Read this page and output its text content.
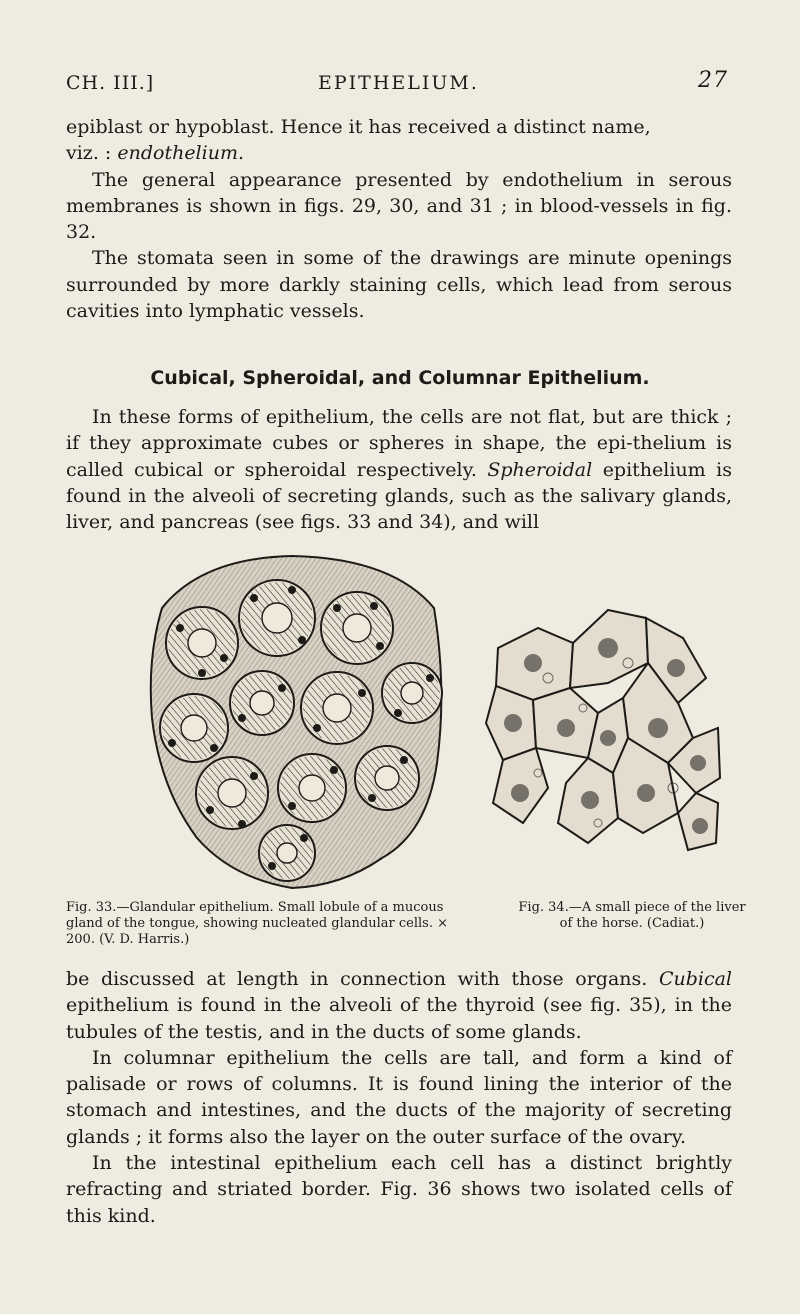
CH. III.]	EPITHELIUM.	27

epiblast or hypoblast. Hence it has received a distinct name,
viz. : endothelium.

The general appearance presented by endothelium in serous membranes is shown in figs. 29, 30, and 31 ; in blood-vessels in fig. 32.

The stomata seen in some of the drawings are minute openings surrounded by more darkly staining cells, which lead from serous cavities into lymphatic vessels.

Cubical, Spheroidal, and Columnar Epithelium.

In these forms of epithelium, the cells are not flat, but are thick ; if they approximate cubes or spheres in shape, the epi-thelium is called cubical or spheroidal respectively. Spheroidal epithelium is found in the alveoli of secreting glands, such as the salivary glands, liver, and pancreas (see figs. 33 and 34), and will

Fig. 33.—Glandular epithelium. Small lobule of a mucous gland of the tongue, showing nucleated glandular cells. × 200. (V. D. Harris.)
Fig. 34.—A small piece of the liver of the horse. (Cadiat.)

be discussed at length in connection with those organs. Cubical epithelium is found in the alveoli of the thyroid (see fig. 35), in the tubules of the testis, and in the ducts of some glands.

In columnar epithelium the cells are tall, and form a kind of palisade or rows of columns. It is found lining the interior of the stomach and intestines, and the ducts of the majority of secreting glands ; it forms also the layer on the outer surface of the ovary.

In the intestinal epithelium each cell has a distinct brightly refracting and striated border. Fig. 36 shows two isolated cells of this kind.
